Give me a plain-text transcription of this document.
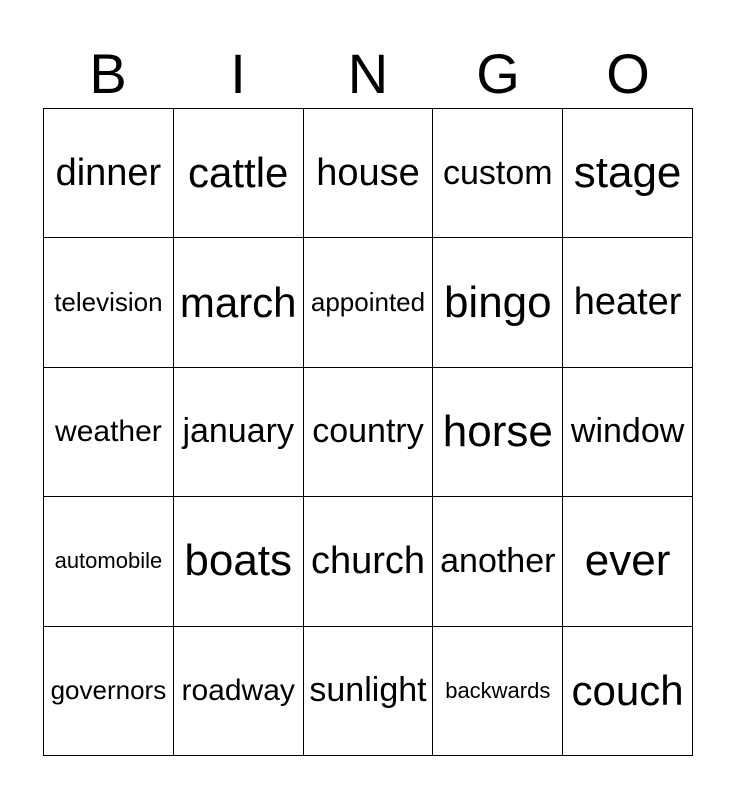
B	I	N	G	O
dinner	cattle	house	custom	stage
television	march	appointed	bingo	heater
weather	january	country	horse	window
automobile	boats	church	another	ever
governors	roadway	sunlight	backwards	couch
